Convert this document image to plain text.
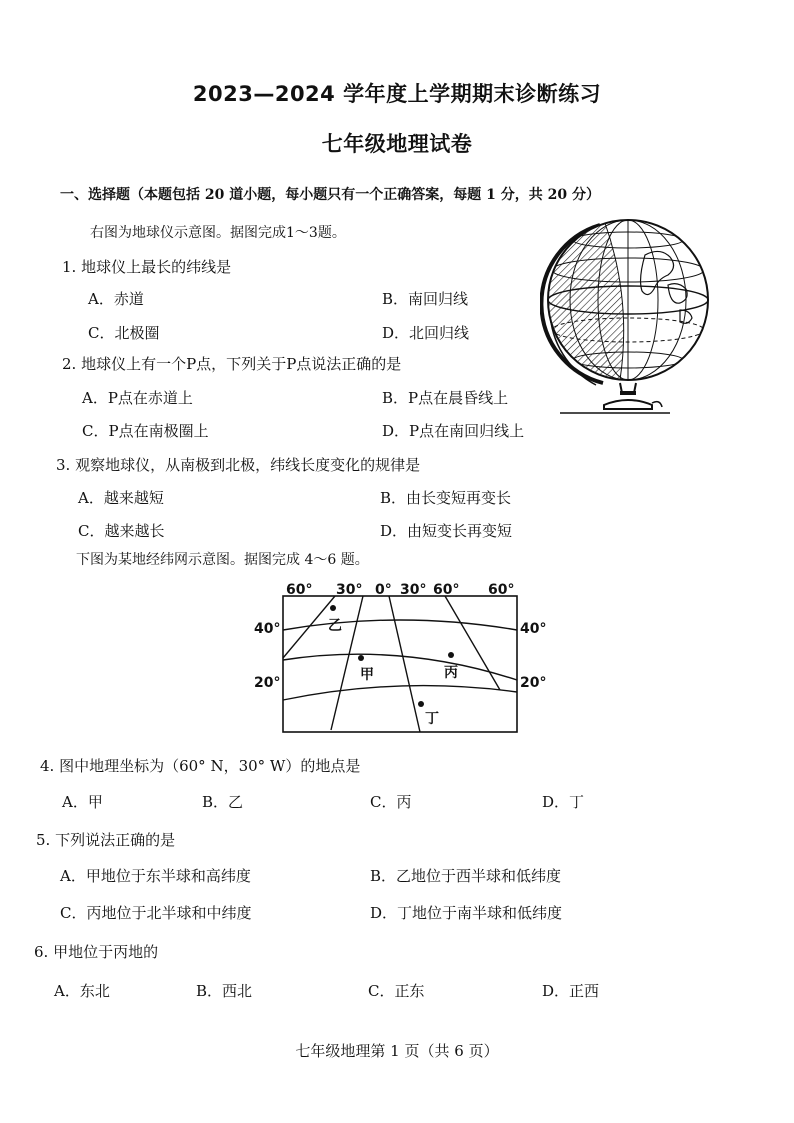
2023—2024 学年度上学期期末诊断练习
七年级地理试卷
一、选择题（本题包括 20 道小题，每小题只有一个正确答案，每题 1 分，共 20 分）
右图为地球仪示意图。据图完成1～3题。
1. 地球仪上最长的纬线是
A．赤道	B．南回归线
C．北极圈	D．北回归线
2. 地球仪上有一个P点，下列关于P点说法正确的是
A．P点在赤道上	B．P点在晨昏线上
C．P点在南极圈上	D．P点在南回归线上
3. 观察地球仪，从南极到北极，纬线长度变化的规律是
A．越来越短	B．由长变短再变长
C．越来越长	D．由短变长再变短
下图为某地经纬网示意图。据图完成 4～6 题。
60° 30° 0° 30° 60° 60°
40°
20°
40°
20°
乙
甲	丙
丁
4. 图中地理坐标为（60° N，30° W）的地点是
A．甲	B．乙	C．丙	D．丁
5. 下列说法正确的是
A．甲地位于东半球和高纬度	B．乙地位于西半球和低纬度
C．丙地位于北半球和中纬度	D．丁地位于南半球和低纬度
6. 甲地位于丙地的
A．东北	B．西北	C．正东	D．正西
七年级地理第 1 页（共 6 页）
